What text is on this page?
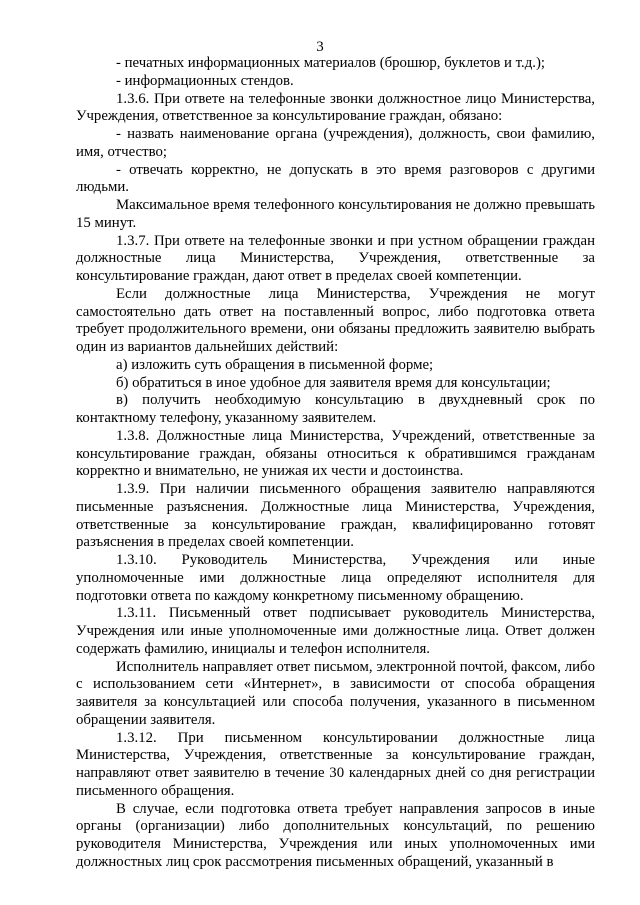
3

- печатных информационных материалов (брошюр, буклетов и т.д.);

- информационных стендов.

1.3.6. При ответе на телефонные звонки должностное лицо Министерства, Учреждения, ответственное за консультирование граждан, обязано:

- назвать наименование органа (учреждения), должность, свои фамилию, имя, отчество;

- отвечать корректно, не допускать в это время разговоров с другими людьми.

Максимальное время телефонного консультирования не должно превышать 15 минут.

1.3.7. При ответе на телефонные звонки и при устном обращении граждан должностные лица Министерства, Учреждения, ответственные за консультирование граждан, дают ответ в пределах своей компетенции.

Если должностные лица Министерства, Учреждения не могут самостоятельно дать ответ на поставленный вопрос, либо подготовка ответа требует продолжительного времени, они обязаны предложить заявителю выбрать один из вариантов дальнейших действий:

а) изложить суть обращения в письменной форме;

б) обратиться в иное удобное для заявителя время для консультации;

в) получить необходимую консультацию в двухдневный срок по контактному телефону, указанному заявителем.

1.3.8. Должностные лица Министерства, Учреждений, ответственные за консультирование граждан, обязаны относиться к обратившимся гражданам корректно и внимательно, не унижая их чести и достоинства.

1.3.9. При наличии письменного обращения заявителю направляются письменные разъяснения. Должностные лица Министерства, Учреждения, ответственные за консультирование граждан, квалифицированно готовят разъяснения в пределах своей компетенции.

1.3.10. Руководитель Министерства, Учреждения или иные уполномоченные ими должностные лица определяют исполнителя для подготовки ответа по каждому конкретному письменному обращению.

1.3.11. Письменный ответ подписывает руководитель Министерства, Учреждения или иные уполномоченные ими должностные лица. Ответ должен содержать фамилию, инициалы и телефон исполнителя.

Исполнитель направляет ответ письмом, электронной почтой, факсом, либо с использованием сети «Интернет», в зависимости от способа обращения заявителя за консультацией или способа получения, указанного в письменном обращении заявителя.

1.3.12. При письменном консультировании должностные лица Министерства, Учреждения, ответственные за консультирование граждан, направляют ответ заявителю в течение 30 календарных дней со дня регистрации письменного обращения.

В случае, если подготовка ответа требует направления запросов в иные органы (организации) либо дополнительных консультаций, по решению руководителя Министерства, Учреждения или иных уполномоченных ими должностных лиц срок рассмотрения письменных обращений, указанный в
